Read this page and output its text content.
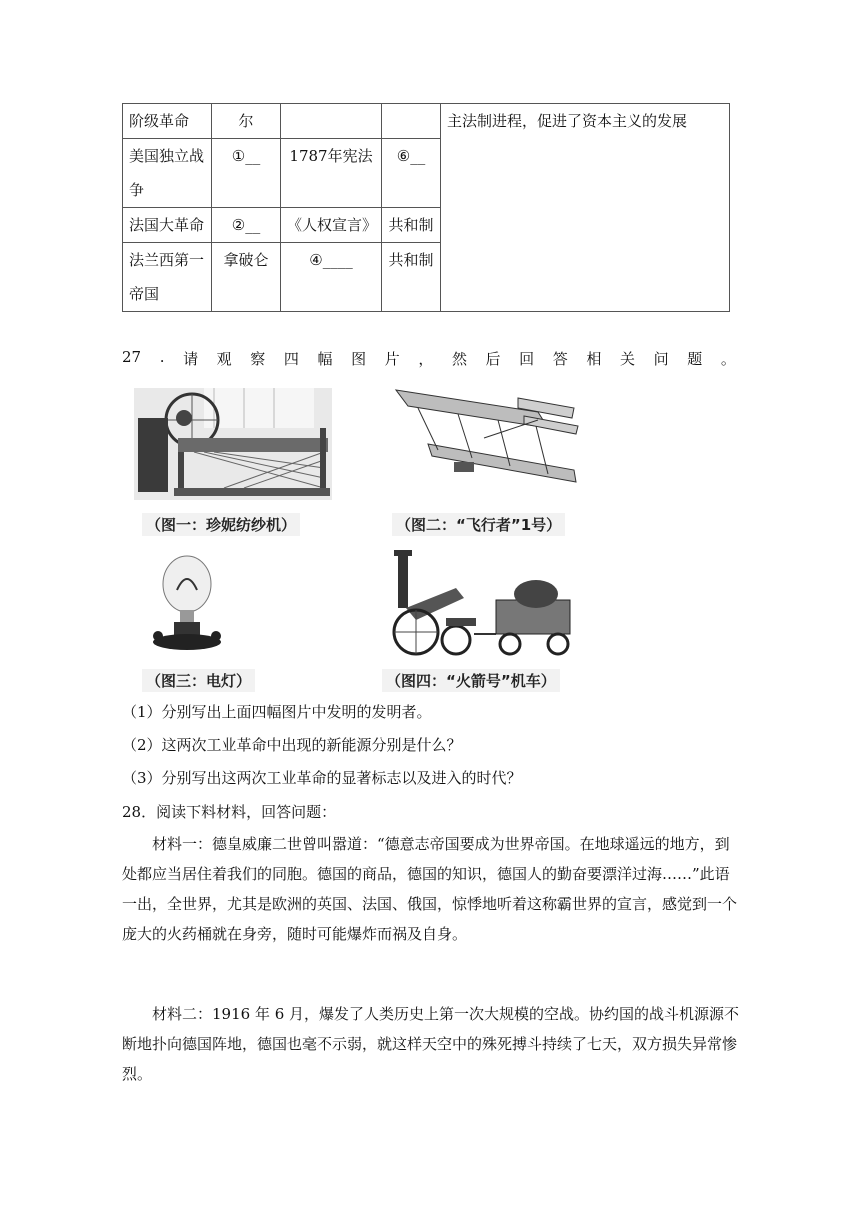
阶级革命	尔			主法制进程，促进了资本主义的发展
美国独立战争	①__	1787年宪法	⑥__	
法国大革命	②__	《人权宣言》	共和制	
法兰西第一帝国	拿破仑	④____	共和制	
27 . 请 观 察 四 幅 图 片 ， 然 后 回 答 相 关 问 题 。
（图一：珍妮纺纱机）	（图二：“飞行者”1号）
（图三：电灯）	（图四：“火箭号”机车）
（1）分别写出上面四幅图片中发明的发明者。
（2）这两次工业革命中出现的新能源分别是什么？
（3）分别写出这两次工业革命的显著标志以及进入的时代？
28．阅读下料材料，回答问题：
材料一：德皇威廉二世曾叫嚣道：“德意志帝国要成为世界帝国。在地球遥远的地方，到处都应当居住着我们的同胞。德国的商品，德国的知识，德国人的勤奋要漂洋过海……”此语一出，全世界，尤其是欧洲的英国、法国、俄国，惊悸地听着这称霸世界的宣言，感觉到一个庞大的火药桶就在身旁，随时可能爆炸而祸及自身。
材料二：1916 年 6 月，爆发了人类历史上第一次大规模的空战。协约国的战斗机源源不断地扑向德国阵地，德国也毫不示弱，就这样天空中的殊死搏斗持续了七天，双方损失异常惨烈。
